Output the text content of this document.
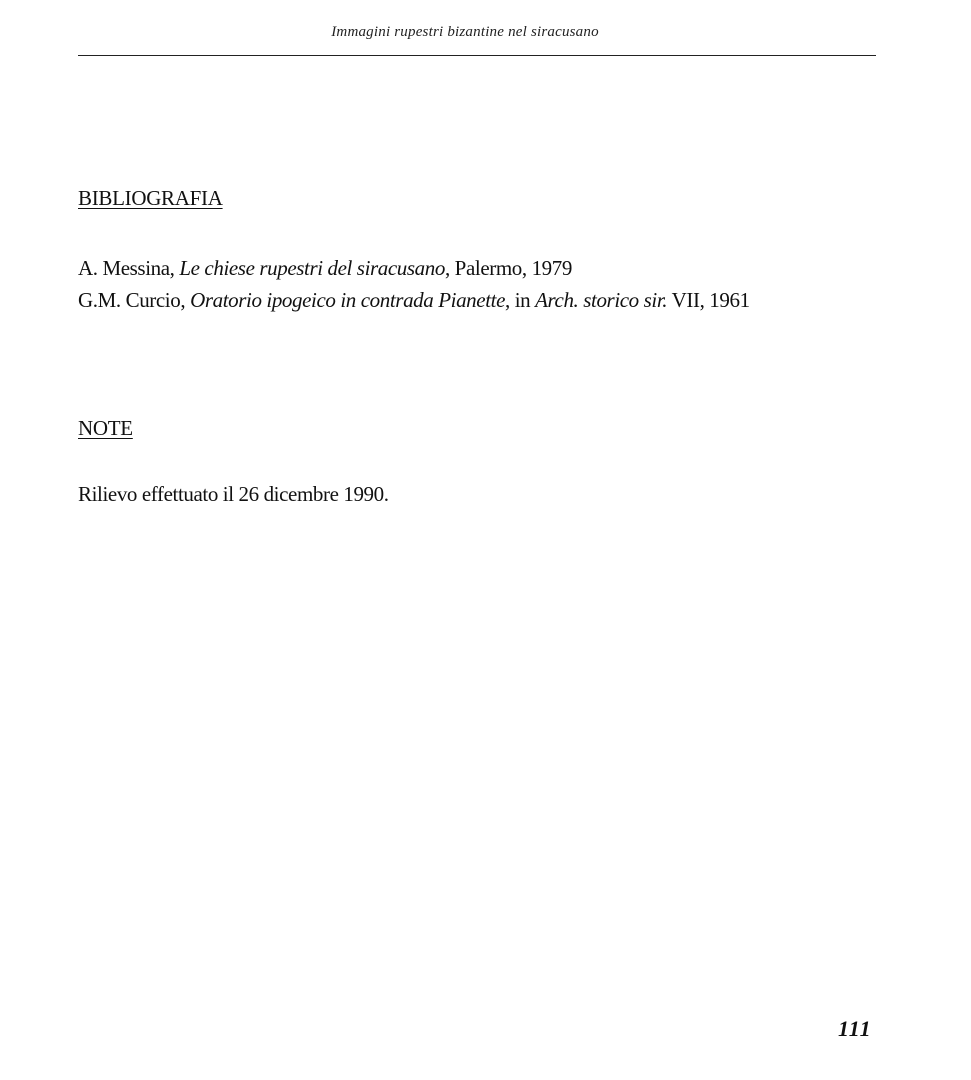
Immagini rupestri bizantine nel siracusano
BIBLIOGRAFIA
A. Messina, Le chiese rupestri del siracusano, Palermo, 1979
G.M. Curcio, Oratorio ipogeico in contrada Pianette, in Arch. storico sir. VII, 1961
NOTE

Rilievo effettuato il 26 dicembre 1990.

111
